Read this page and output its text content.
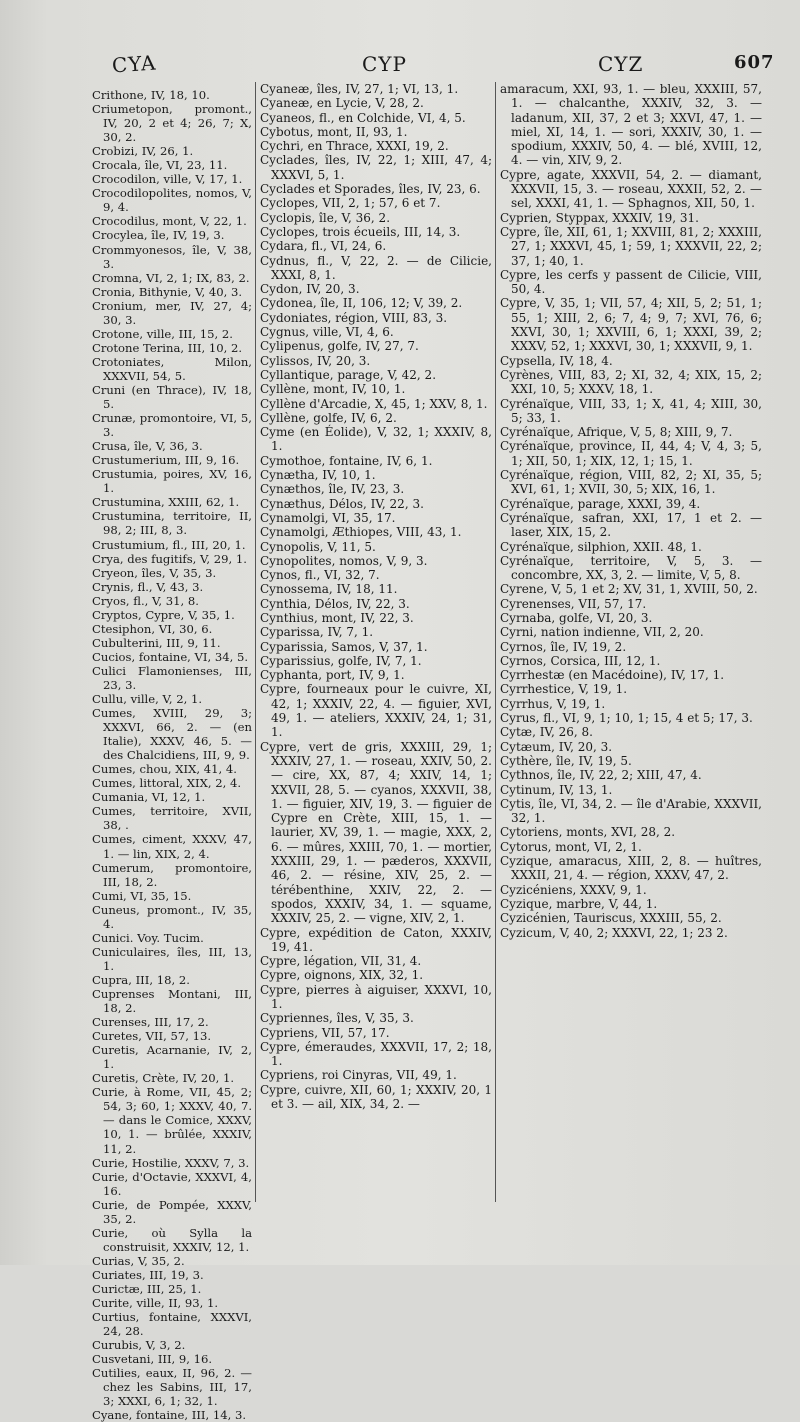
CYA	CYP	CYZ	607

Crithone, IV, 18, 10.

Criumetopon, promont., IV, 20, 2 et 4; 26, 7; X, 30, 2.

Crobizi, IV, 26, 1.

Crocala, île, VI, 23, 11.

Crocodilon, ville, V, 17, 1.

Crocodilopolites, nomos, V, 9, 4.

Crocodilus, mont, V, 22, 1.

Crocylea, île, IV, 19, 3.

Crommyonesos, île, V, 38, 3.

Cromna, VI, 2, 1; IX, 83, 2.

Cronia, Bithynie, V, 40, 3.

Cronium, mer, IV, 27, 4; 30, 3.

Crotone, ville, III, 15, 2.

Crotone Terina, III, 10, 2.

Crotoniates, Milon, XXXVII, 54, 5.

Cruni (en Thrace), IV, 18, 5.

Crunæ, promontoire, VI, 5, 3.

Crusa, île, V, 36, 3.

Crustumerium, III, 9, 16.

Crustumia, poires, XV, 16, 1.

Crustumina, XXIII, 62, 1.

Crustumina, territoire, II, 98, 2; III, 8, 3.

Crustumium, fl., III, 20, 1.

Crya, des fugitifs, V, 29, 1.

Cryeon, îles, V, 35, 3.

Crynis, fl., V, 43, 3.

Cryos, fl., V, 31, 8.

Cryptos, Cypre, V, 35, 1.

Ctesiphon, VI, 30, 6.

Cubulterini, III, 9, 11.

Cucios, fontaine, VI, 34, 5.

Culici Flamonienses, III, 23, 3.

Cullu, ville, V, 2, 1.

Cumes, XVIII, 29, 3; XXXVI, 66, 2. — (en Italie), XXXV, 46, 5. — des Chalcidiens, III, 9, 9.

Cumes, chou, XIX, 41, 4.

Cumes, littoral, XIX, 2, 4.

Cumania, VI, 12, 1.

Cumes, territoire, XVII, 38, .

Cumes, ciment, XXXV, 47, 1. — lin, XIX, 2, 4.

Cumerum, promontoire, III, 18, 2.

Cumi, VI, 35, 15.

Cuneus, promont., IV, 35, 4.

Cunici. Voy. Tucim.

Cuniculaires, îles, III, 13, 1.

Cupra, III, 18, 2.

Cuprenses Montani, III, 18, 2.

Curenses, III, 17, 2.

Curetes, VII, 57, 13.

Curetis, Acarnanie, IV, 2, 1.

Curetis, Crète, IV, 20, 1.

Curie, à Rome, VII, 45, 2; 54, 3; 60, 1; XXXV, 40, 7. — dans le Comice, XXXV, 10, 1. — brûlée, XXXIV, 11, 2.

Curie, Hostilie, XXXV, 7, 3.

Curie, d'Octavie, XXXVI, 4, 16.

Curie, de Pompée, XXXV, 35, 2.

Curie, où Sylla la construisit, XXXIV, 12, 1.

Curias, V, 35, 2.

Curiates, III, 19, 3.

Curictæ, III, 25, 1.

Curite, ville, II, 93, 1.

Curtius, fontaine, XXXVI, 24, 28.

Curubis, V, 3, 2.

Cusvetani, III, 9, 16.

Cutilies, eaux, II, 96, 2. — chez les Sabins, III, 17, 3; XXXI, 6, 1; 32, 1.

Cyane, fontaine, III, 14, 3.

Cyaneæ, îles, IV, 27, 1; VI, 13, 1.

Cyaneæ, en Lycie, V, 28, 2.

Cyaneos, fl., en Colchide, VI, 4, 5.

Cybotus, mont, II, 93, 1.

Cychri, en Thrace, XXXI, 19, 2.

Cyclades, îles, IV, 22, 1; XIII, 47, 4; XXXVI, 5, 1.

Cyclades et Sporades, îles, IV, 23, 6.

Cyclopes, VII, 2, 1; 57, 6 et 7.

Cyclopis, île, V, 36, 2.

Cyclopes, trois écueils, III, 14, 3.

Cydara, fl., VI, 24, 6.

Cydnus, fl., V, 22, 2. — de Cilicie, XXXI, 8, 1.

Cydon, IV, 20, 3.

Cydonea, île, II, 106, 12; V, 39, 2.

Cydoniates, région, VIII, 83, 3.

Cygnus, ville, VI, 4, 6.

Cylipenus, golfe, IV, 27, 7.

Cylissos, IV, 20, 3.

Cyllantique, parage, V, 42, 2.

Cyllène, mont, IV, 10, 1.

Cyllène d'Arcadie, X, 45, 1; XXV, 8, 1.

Cyllène, golfe, IV, 6, 2.

Cyme (en Éolide), V, 32, 1; XXXIV, 8, 1.

Cymothoe, fontaine, IV, 6, 1.

Cynætha, IV, 10, 1.

Cynæthos, île, IV, 23, 3.

Cynæthus, Délos, IV, 22, 3.

Cynamolgi, VI, 35, 17.

Cynamolgi, Æthiopes, VIII, 43, 1.

Cynopolis, V, 11, 5.

Cynopolites, nomos, V, 9, 3.

Cynos, fl., VI, 32, 7.

Cynossema, IV, 18, 11.

Cynthia, Délos, IV, 22, 3.

Cynthius, mont, IV, 22, 3.

Cyparissa, IV, 7, 1.

Cyparissia, Samos, V, 37, 1.

Cyparissius, golfe, IV, 7, 1.

Cyphanta, port, IV, 9, 1.

Cypre, fourneaux pour le cuivre, XI, 42, 1; XXXIV, 22, 4. — figuier, XVI, 49, 1. — ateliers, XXXIV, 24, 1; 31, 1.

Cypre, vert de gris, XXXIII, 29, 1; XXXIV, 27, 1. — roseau, XXIV, 50, 2. — cire, XX, 87, 4; XXIV, 14, 1; XXVII, 28, 5. — cyanos, XXXVII, 38, 1. — figuier, XIV, 19, 3. — figuier de Cypre en Crète, XIII, 15, 1. — laurier, XV, 39, 1. — magie, XXX, 2, 6. — mûres, XXIII, 70, 1. — mortier, XXXIII, 29, 1. — pæderos, XXXVII, 46, 2. — résine, XIV, 25, 2. — térébenthine, XXIV, 22, 2. — spodos, XXXIV, 34, 1. — squame, XXXIV, 25, 2. — vigne, XIV, 2, 1.

Cypre, expédition de Caton, XXXIV, 19, 41.

Cypre, légation, VII, 31, 4.

Cypre, oignons, XIX, 32, 1.

Cypre, pierres à aiguiser, XXXVI, 10, 1.

Cypriennes, îles, V, 35, 3.

Cypriens, VII, 57, 17.

Cypre, émeraudes, XXXVII, 17, 2; 18, 1.

Cypriens, roi Cinyras, VII, 49, 1.

Cypre, cuivre, XII, 60, 1; XXXIV, 20, 1 et 3. — ail, XIX, 34, 2. —

amaracum, XXI, 93, 1. — bleu, XXXIII, 57, 1. — chalcanthe, XXXIV, 32, 3. — ladanum, XII, 37, 2 et 3; XXVI, 47, 1. — miel, XI, 14, 1. — sori, XXXIV, 30, 1. — spodium, XXXIV, 50, 4. — blé, XVIII, 12, 4. — vin, XIV, 9, 2.

Cypre, agate, XXXVII, 54, 2. — diamant, XXXVII, 15, 3. — roseau, XXXII, 52, 2. — sel, XXXI, 41, 1. — Sphagnos, XII, 50, 1.

Cyprien, Styppax, XXXIV, 19, 31.

Cypre, île, XII, 61, 1; XXVIII, 81, 2; XXXIII, 27, 1; XXXVI, 45, 1; 59, 1; XXXVII, 22, 2; 37, 1; 40, 1.

Cypre, les cerfs y passent de Cilicie, VIII, 50, 4.

Cypre, V, 35, 1; VII, 57, 4; XII, 5, 2; 51, 1; 55, 1; XIII, 2, 6; 7, 4; 9, 7; XVI, 76, 6; XXVI, 30, 1; XXVIII, 6, 1; XXXI, 39, 2; XXXV, 52, 1; XXXVI, 30, 1; XXXVII, 9, 1.

Cypsella, IV, 18, 4.

Cyrènes, VIII, 83, 2; XI, 32, 4; XIX, 15, 2; XXI, 10, 5; XXXV, 18, 1.

Cyrénaïque, VIII, 33, 1; X, 41, 4; XIII, 30, 5; 33, 1.

Cyrénaïque, Afrique, V, 5, 8; XIII, 9, 7.

Cyrénaïque, province, II, 44, 4; V, 4, 3; 5, 1; XII, 50, 1; XIX, 12, 1; 15, 1.

Cyrénaïque, région, VIII, 82, 2; XI, 35, 5; XVI, 61, 1; XVII, 30, 5; XIX, 16, 1.

Cyrénaïque, parage, XXXI, 39, 4.

Cyrénaïque, safran, XXI, 17, 1 et 2. — laser, XIX, 15, 2.

Cyrénaïque, silphion, XXII. 48, 1.

Cyrénaïque, territoire, V, 5, 3. — concombre, XX, 3, 2. — limite, V, 5, 8.

Cyrene, V, 5, 1 et 2; XV, 31, 1, XVIII, 50, 2.

Cyrenenses, VII, 57, 17.

Cyrnaba, golfe, VI, 20, 3.

Cyrni, nation indienne, VII, 2, 20.

Cyrnos, île, IV, 19, 2.

Cyrnos, Corsica, III, 12, 1.

Cyrrhestæ (en Macédoine), IV, 17, 1.

Cyrrhestice, V, 19, 1.

Cyrrhus, V, 19, 1.

Cyrus, fl., VI, 9, 1; 10, 1; 15, 4 et 5; 17, 3.

Cytæ, IV, 26, 8.

Cytæum, IV, 20, 3.

Cythère, île, IV, 19, 5.

Cythnos, île, IV, 22, 2; XIII, 47, 4.

Cytinum, IV, 13, 1.

Cytis, île, VI, 34, 2. — île d'Arabie, XXXVII, 32, 1.

Cytoriens, monts, XVI, 28, 2.

Cytorus, mont, VI, 2, 1.

Cyzique, amaracus, XIII, 2, 8. — huîtres, XXXII, 21, 4. — région, XXXV, 47, 2.

Cyzicéniens, XXXV, 9, 1.

Cyzique, marbre, V, 44, 1.

Cyzicénien, Tauriscus, XXXIII, 55, 2.

Cyzicum, V, 40, 2; XXXVI, 22, 1; 23 2.
